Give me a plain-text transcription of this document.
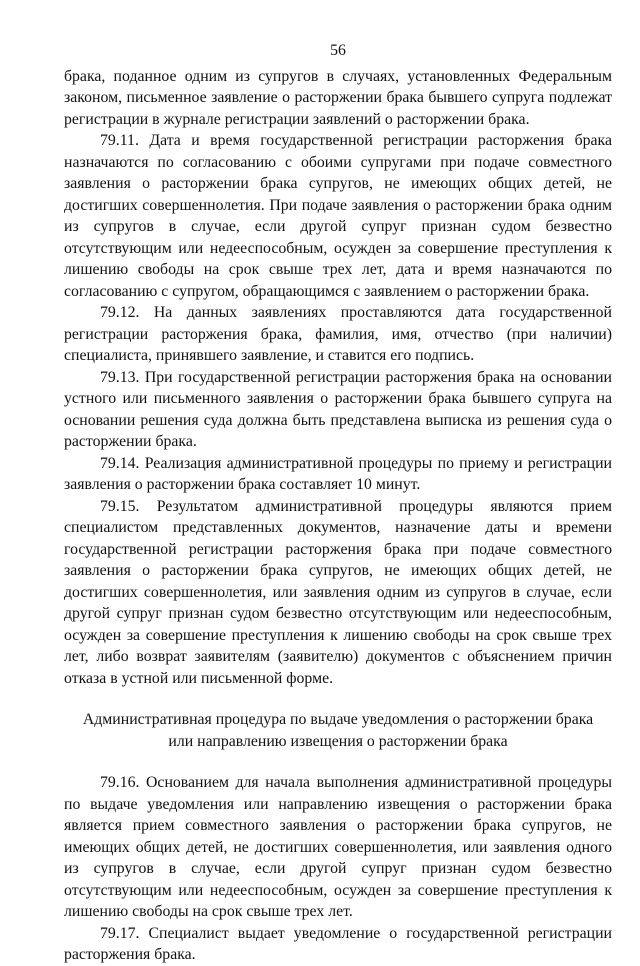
56

брака, поданное одним из супругов в случаях, установленных Федеральным законом, письменное заявление о расторжении брака бывшего супруга подлежат регистрации в журнале регистрации заявлений о расторжении брака.

79.11. Дата и время государственной регистрации расторжения брака назначаются по согласованию с обоими супругами при подаче совместного заявления о расторжении брака супругов, не имеющих общих детей, не достигших совершеннолетия. При подаче заявления о расторжении брака одним из супругов в случае, если другой супруг признан судом безвестно отсутствующим или недееспособным, осужден за совершение преступления к лишению свободы на срок свыше трех лет, дата и время назначаются по согласованию с супругом, обращающимся с заявлением о расторжении брака.

79.12. На данных заявлениях проставляются дата государственной регистрации расторжения брака, фамилия, имя, отчество (при наличии) специалиста, принявшего заявление, и ставится его подпись.

79.13. При государственной регистрации расторжения брака на основании устного или письменного заявления о расторжении брака бывшего супруга на основании решения суда должна быть представлена выписка из решения суда о расторжении брака.

79.14. Реализация административной процедуры по приему и регистрации заявления о расторжении брака составляет 10 минут.

79.15. Результатом административной процедуры являются прием специалистом представленных документов, назначение даты и времени государственной регистрации расторжения брака при подаче совместного заявления о расторжении брака супругов, не имеющих общих детей, не достигших совершеннолетия, или заявления одним из супругов в случае, если другой супруг признан судом безвестно отсутствующим или недееспособным, осужден за совершение преступления к лишению свободы на срок свыше трех лет, либо возврат заявителям (заявителю) документов с объяснением причин отказа в устной или письменной форме.

Административная процедура по выдаче уведомления о расторжении брака
или направлению извещения о расторжении брака

79.16. Основанием для начала выполнения административной процедуры по выдаче уведомления или направлению извещения о расторжении брака является прием совместного заявления о расторжении брака супругов, не имеющих общих детей, не достигших совершеннолетия, или заявления одного из супругов в случае, если другой супруг признан судом безвестно отсутствующим или недееспособным, осужден за совершение преступления к лишению свободы на срок свыше трех лет.

79.17. Специалист выдает уведомление о государственной регистрации расторжения брака.
